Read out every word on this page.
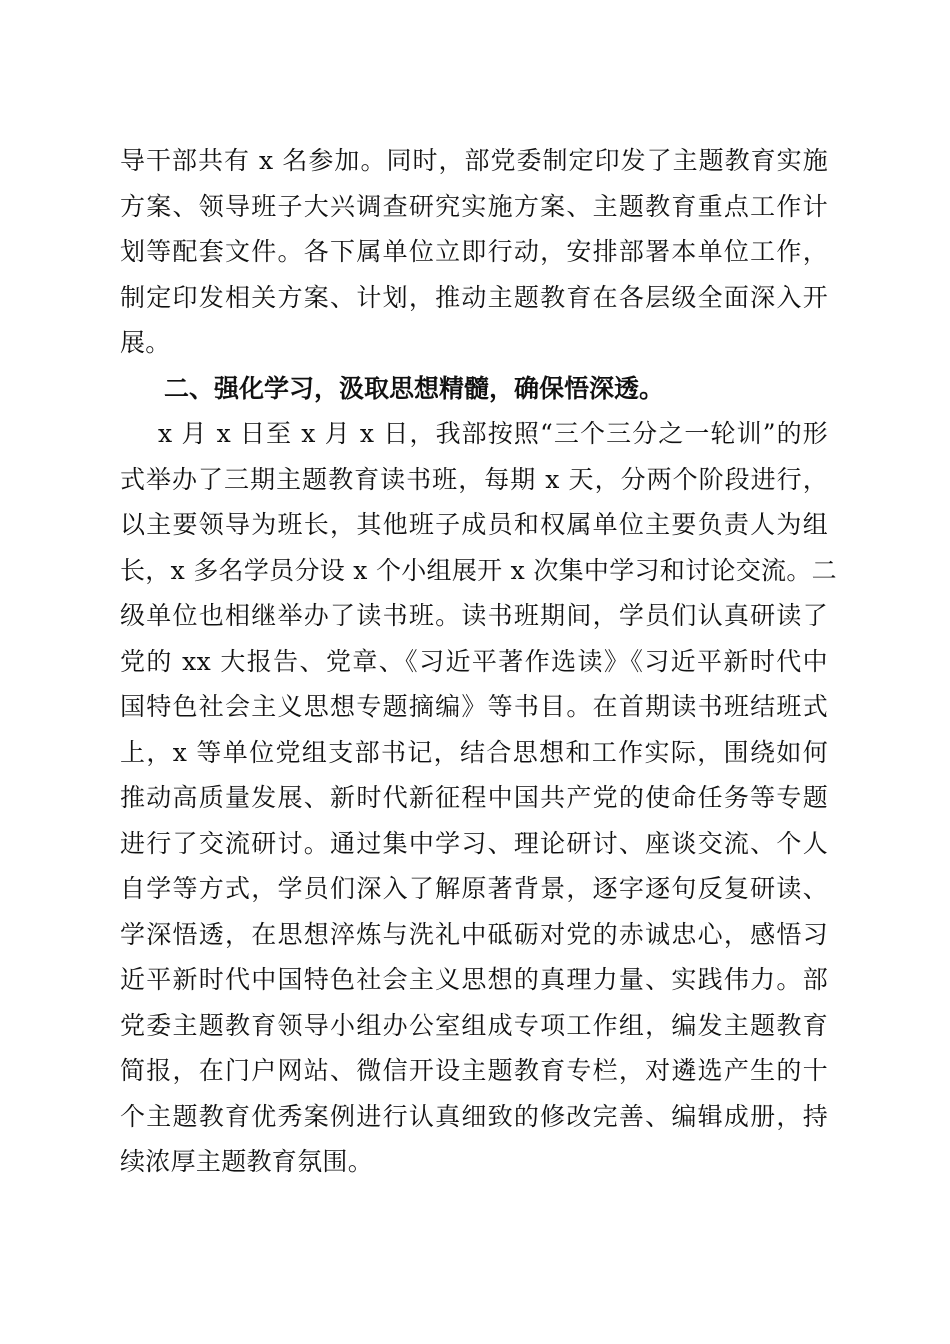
导干部共有 x 名参加。同时，部党委制定印发了主题教育实施
方案、领导班子大兴调查研究实施方案、主题教育重点工作计
划等配套文件。各下属单位立即行动，安排部署本单位工作，
制定印发相关方案、计划，推动主题教育在各层级全面深入开
展。
二、强化学习，汲取思想精髓，确保悟深透。
x 月 x 日至 x 月 x 日，我部按照“三个三分之一轮训”的形
式举办了三期主题教育读书班，每期 x 天，分两个阶段进行，
以主要领导为班长，其他班子成员和权属单位主要负责人为组
长，x 多名学员分设 x 个小组展开 x 次集中学习和讨论交流。二
级单位也相继举办了读书班。读书班期间，学员们认真研读了
党的 xx 大报告、党章、《习近平著作选读》《习近平新时代中
国特色社会主义思想专题摘编》等书目。在首期读书班结班式
上，x 等单位党组支部书记，结合思想和工作实际，围绕如何
推动高质量发展、新时代新征程中国共产党的使命任务等专题
进行了交流研讨。通过集中学习、理论研讨、座谈交流、个人
自学等方式，学员们深入了解原著背景，逐字逐句反复研读、
学深悟透，在思想淬炼与洗礼中砥砺对党的赤诚忠心，感悟习
近平新时代中国特色社会主义思想的真理力量、实践伟力。部
党委主题教育领导小组办公室组成专项工作组，编发主题教育
简报，在门户网站、微信开设主题教育专栏，对遴选产生的十
个主题教育优秀案例进行认真细致的修改完善、编辑成册，持
续浓厚主题教育氛围。
